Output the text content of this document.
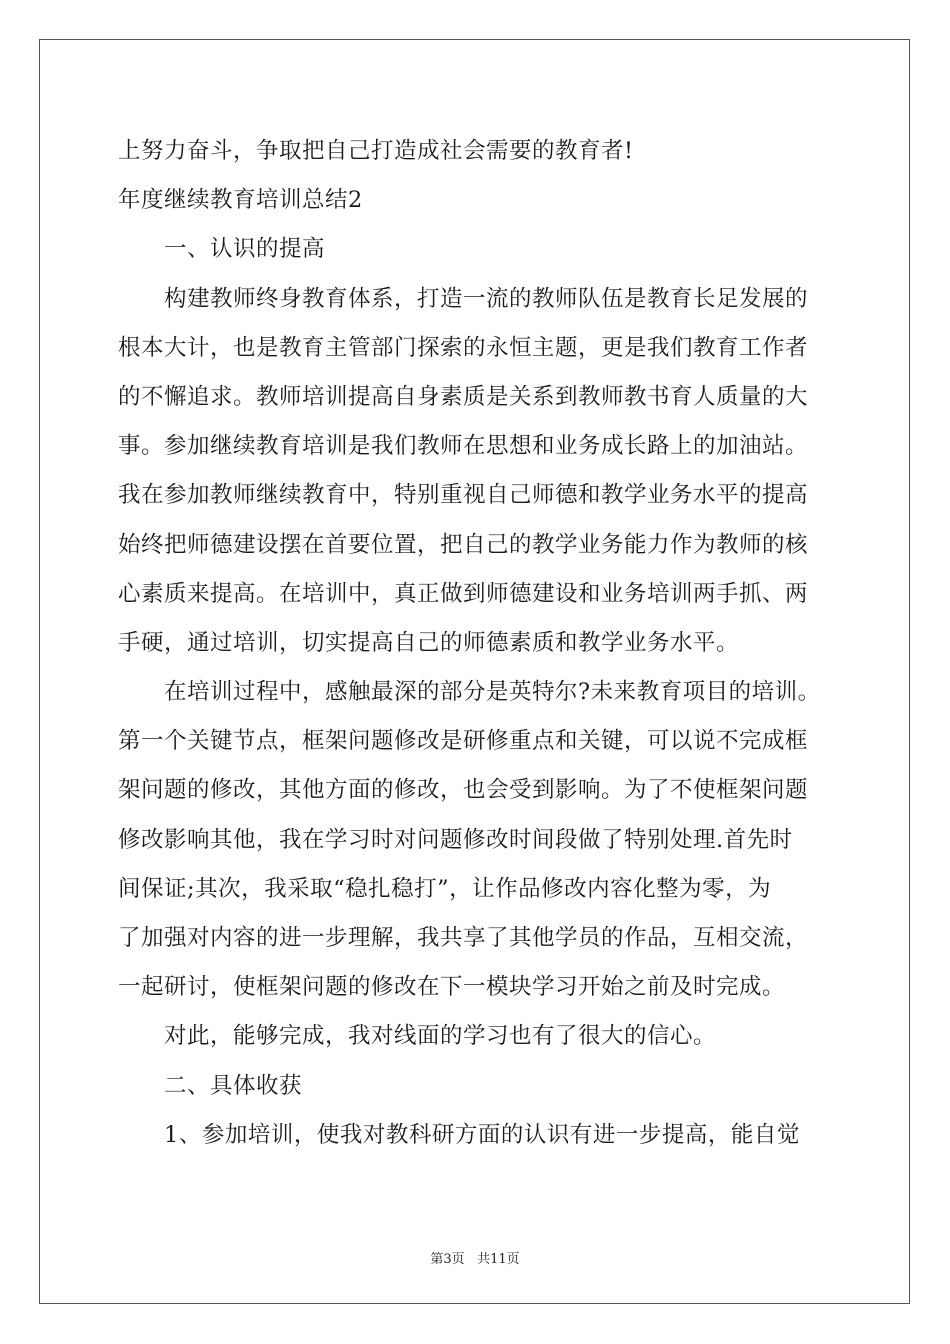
上努力奋斗，争取把自己打造成社会需要的教育者!
年度继续教育培训总结2
一、认识的提高
构建教师终身教育体系，打造一流的教师队伍是教育长足发展的
根本大计，也是教育主管部门探索的永恒主题，更是我们教育工作者
的不懈追求。教师培训提高自身素质是关系到教师教书育人质量的大
事。参加继续教育培训是我们教师在思想和业务成长路上的加油站。
我在参加教师继续教育中，特别重视自己师德和教学业务水平的提高
始终把师德建设摆在首要位置，把自己的教学业务能力作为教师的核
心素质来提高。在培训中，真正做到师德建设和业务培训两手抓、两
手硬，通过培训，切实提高自己的师德素质和教学业务水平。
在培训过程中，感触最深的部分是英特尔?未来教育项目的培训。
第一个关键节点，框架问题修改是研修重点和关键，可以说不完成框
架问题的修改，其他方面的修改，也会受到影响。为了不使框架问题
修改影响其他，我在学习时对问题修改时间段做了特别处理.首先时
间保证;其次，我采取“稳扎稳打”，让作品修改内容化整为零，为
了加强对内容的进一步理解，我共享了其他学员的作品，互相交流，
一起研讨，使框架问题的修改在下一模块学习开始之前及时完成。
对此，能够完成，我对线面的学习也有了很大的信心。
二、具体收获
1、参加培训，使我对教科研方面的认识有进一步提高，能自觉
第3页 共11页
